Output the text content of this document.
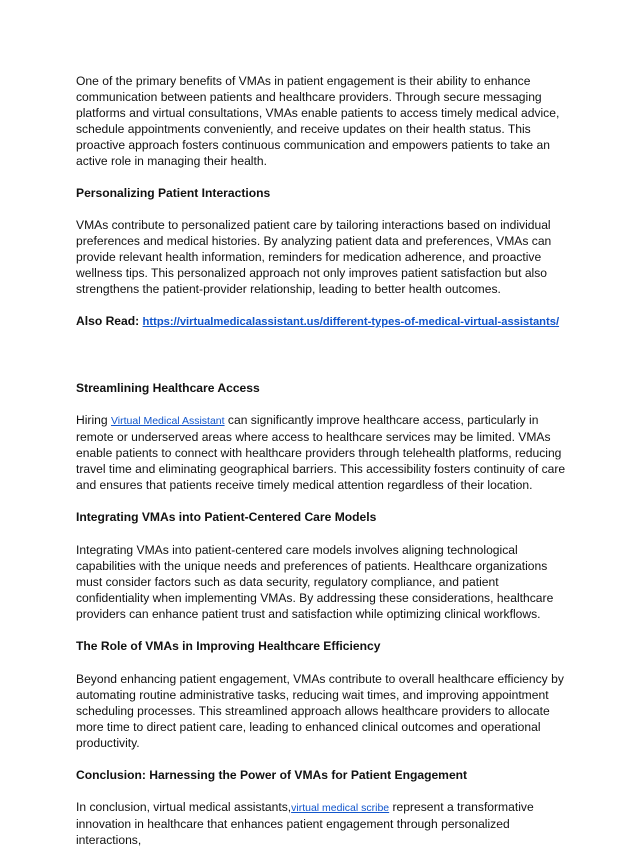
One of the primary benefits of VMAs in patient engagement is their ability to enhance communication between patients and healthcare providers. Through secure messaging platforms and virtual consultations, VMAs enable patients to access timely medical advice, schedule appointments conveniently, and receive updates on their health status. This proactive approach fosters continuous communication and empowers patients to take an active role in managing their health.

Personalizing Patient Interactions

VMAs contribute to personalized patient care by tailoring interactions based on individual preferences and medical histories. By analyzing patient data and preferences, VMAs can provide relevant health information, reminders for medication adherence, and proactive wellness tips. This personalized approach not only improves patient satisfaction but also strengthens the patient-provider relationship, leading to better health outcomes.

Also Read: https://virtualmedicalassistant.us/different-types-of-medical-virtual-assistants/

Streamlining Healthcare Access

Hiring Virtual Medical Assistant can significantly improve healthcare access, particularly in remote or underserved areas where access to healthcare services may be limited. VMAs enable patients to connect with healthcare providers through telehealth platforms, reducing travel time and eliminating geographical barriers. This accessibility fosters continuity of care and ensures that patients receive timely medical attention regardless of their location.

Integrating VMAs into Patient-Centered Care Models

Integrating VMAs into patient-centered care models involves aligning technological capabilities with the unique needs and preferences of patients. Healthcare organizations must consider factors such as data security, regulatory compliance, and patient confidentiality when implementing VMAs. By addressing these considerations, healthcare providers can enhance patient trust and satisfaction while optimizing clinical workflows.

The Role of VMAs in Improving Healthcare Efficiency

Beyond enhancing patient engagement, VMAs contribute to overall healthcare efficiency by automating routine administrative tasks, reducing wait times, and improving appointment scheduling processes. This streamlined approach allows healthcare providers to allocate more time to direct patient care, leading to enhanced clinical outcomes and operational productivity.

Conclusion: Harnessing the Power of VMAs for Patient Engagement

In conclusion, virtual medical assistants,virtual medical scribe represent a transformative innovation in healthcare that enhances patient engagement through personalized interactions,
